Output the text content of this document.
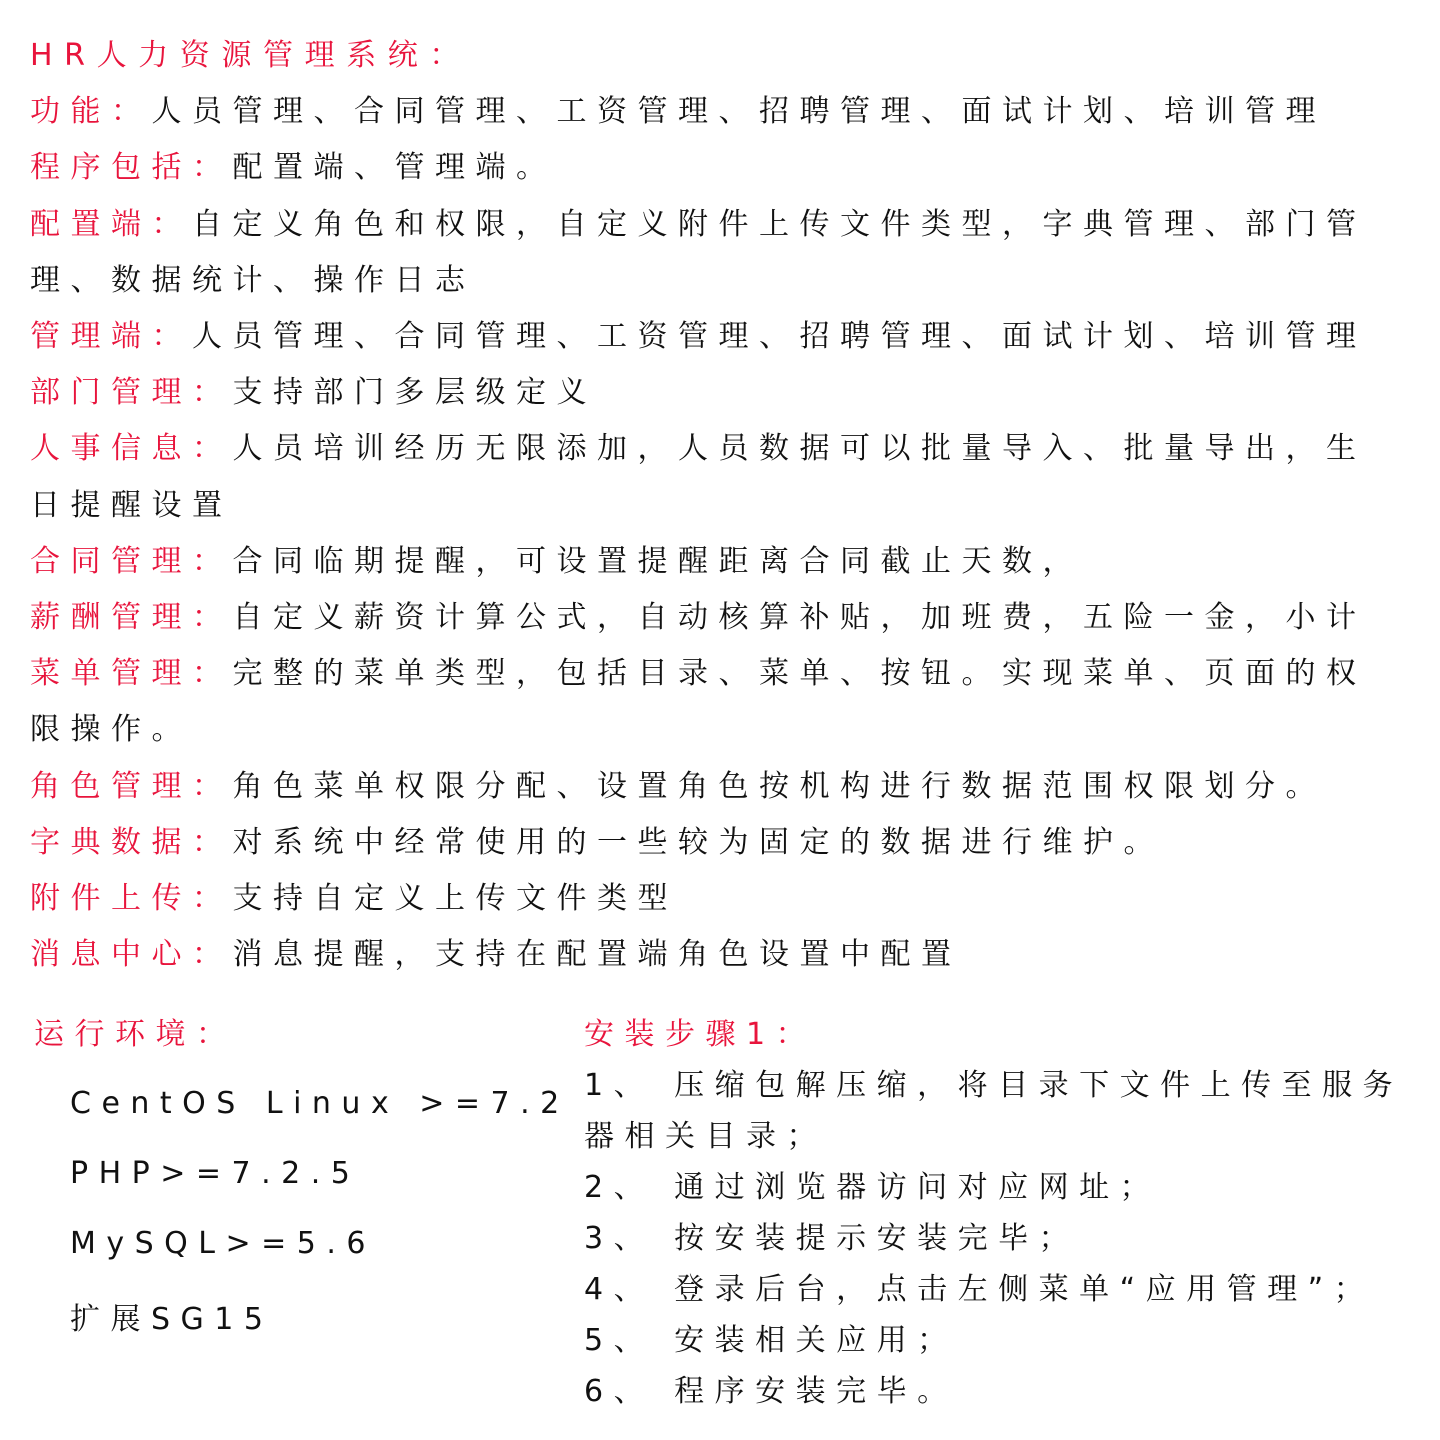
HR人力资源管理系统：
功能：人员管理、合同管理、工资管理、招聘管理、面试计划、培训管理
程序包括：配置端、管理端。
配置端：自定义角色和权限，自定义附件上传文件类型，字典管理、部门管理、数据统计、操作日志
管理端：人员管理、合同管理、工资管理、招聘管理、面试计划、培训管理
部门管理：支持部门多层级定义
人事信息：人员培训经历无限添加，人员数据可以批量导入、批量导出，生日提醒设置
合同管理：合同临期提醒，可设置提醒距离合同截止天数，
薪酬管理：自定义薪资计算公式，自动核算补贴，加班费，五险一金，小计
菜单管理：完整的菜单类型，包括目录、菜单、按钮。实现菜单、页面的权限操作。
角色管理：角色菜单权限分配、设置角色按机构进行数据范围权限划分。
字典数据：对系统中经常使用的一些较为固定的数据进行维护。
附件上传：支持自定义上传文件类型
消息中心：消息提醒，支持在配置端角色设置中配置
运行环境：
CentOS Linux >=7.2
PHP>=7.2.5
MySQL>=5.6
扩展SG15
安装步骤1：
1、 压缩包解压缩，将目录下文件上传至服务器相关目录；
2、 通过浏览器访问对应网址；
3、 按安装提示安装完毕；
4、 登录后台，点击左侧菜单“应用管理”；
5、 安装相关应用；
6、 程序安装完毕。
